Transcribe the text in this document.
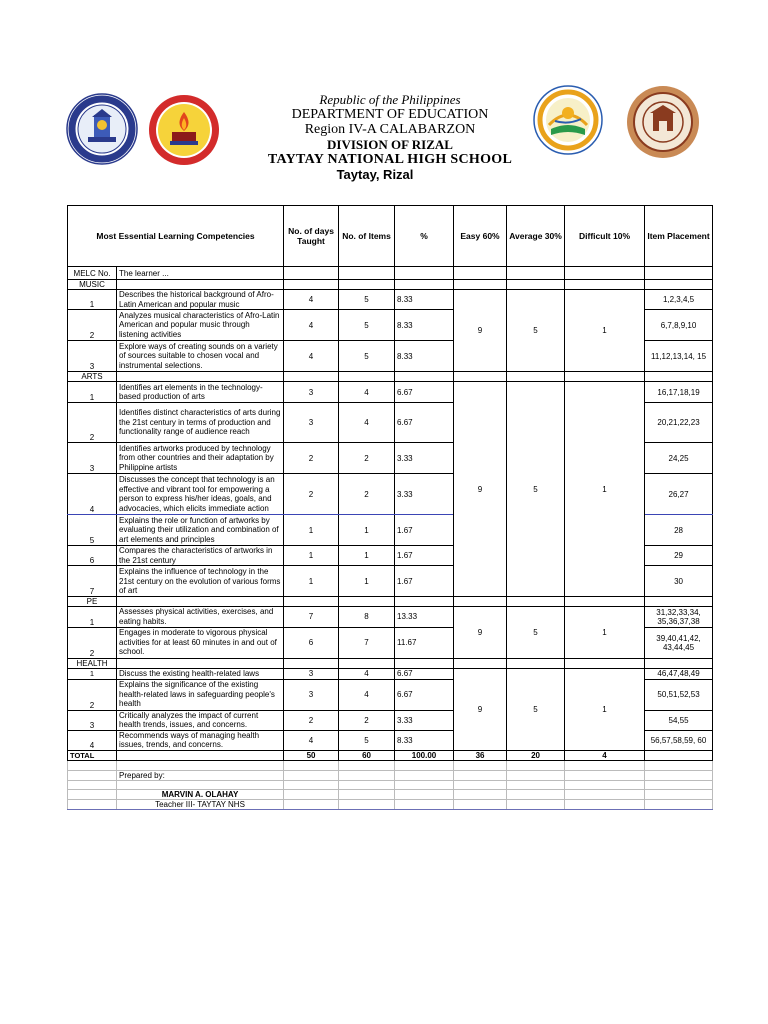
Republic of the Philippines
DEPARTMENT OF EDUCATION
Region IV-A CALABARZON
DIVISION OF RIZAL
TAYTAY NATIONAL HIGH SCHOOL
Taytay, Rizal
Most Essential Learning Competencies		No. of days Taught	No. of Items	%	Easy 60%	Average 30%	Difficult 10%	Item Placement
MELC No.	The learner ...							
MUSIC								
1	Describes the historical background of Afro-Latin American and popular music	4	5	8.33	9	5	1	1,2,3,4,5
2	Analyzes musical characteristics of Afro-Latin American and popular music through listening activities	4	5	8.33				6,7,8,9,10
3	Explore ways of creating sounds on a variety of sources suitable to chosen vocal and instrumental selections.	4	5	8.33				11,12,13,14, 15
ARTS								
1	Identifies art elements in the technology-based production of arts	3	4	6.67	9	5	1	16,17,18,19
2	Identifies distinct characteristics of arts during the 21st century in terms of production and functionality range of audience reach	3	4	6.67				20,21,22,23
3	Identifies artworks produced by technology from other countries and their adaptation by Philippine artists	2	2	3.33				24,25
4	Discusses the concept that technology is an effective and vibrant tool for empowering a person to express his/her ideas, goals, and advocacies, which elicits immediate action	2	2	3.33				26,27
5	Explains the role or function of artworks by evaluating their utilization and combination of art elements and principles	1	1	1.67				28
6	Compares the characteristics of artworks in the 21st century	1	1	1.67				29
7	Explains the influence of technology in the 21st century on the evolution of various forms of art	1	1	1.67				30
PE								
1	Assesses physical activities, exercises, and eating habits.	7	8	13.33	9	5	1	31,32,33,34, 35,36,37,38
2	Engages in moderate to vigorous physical activities for at least 60 minutes in and out of school.	6	7	11.67				39,40,41,42, 43,44,45
HEALTH								
1	Discuss the existing health-related laws	3	4	6.67	9	5	1	46,47,48,49
2	Explains the significance of the existing health-related laws in safeguarding people's health	3	4	6.67				50,51,52,53
3	Critically analyzes the impact of current health trends, issues, and concerns.	2	2	3.33				54,55
4	Recommends ways of managing health issues, trends, and concerns.	4	5	8.33				56,57,58,59, 60
TOTAL		50	60	100.00	36	20	4	

	Prepared by:							

	MARVIN A. OLAHAY							
	Teacher III- TAYTAY NHS							
